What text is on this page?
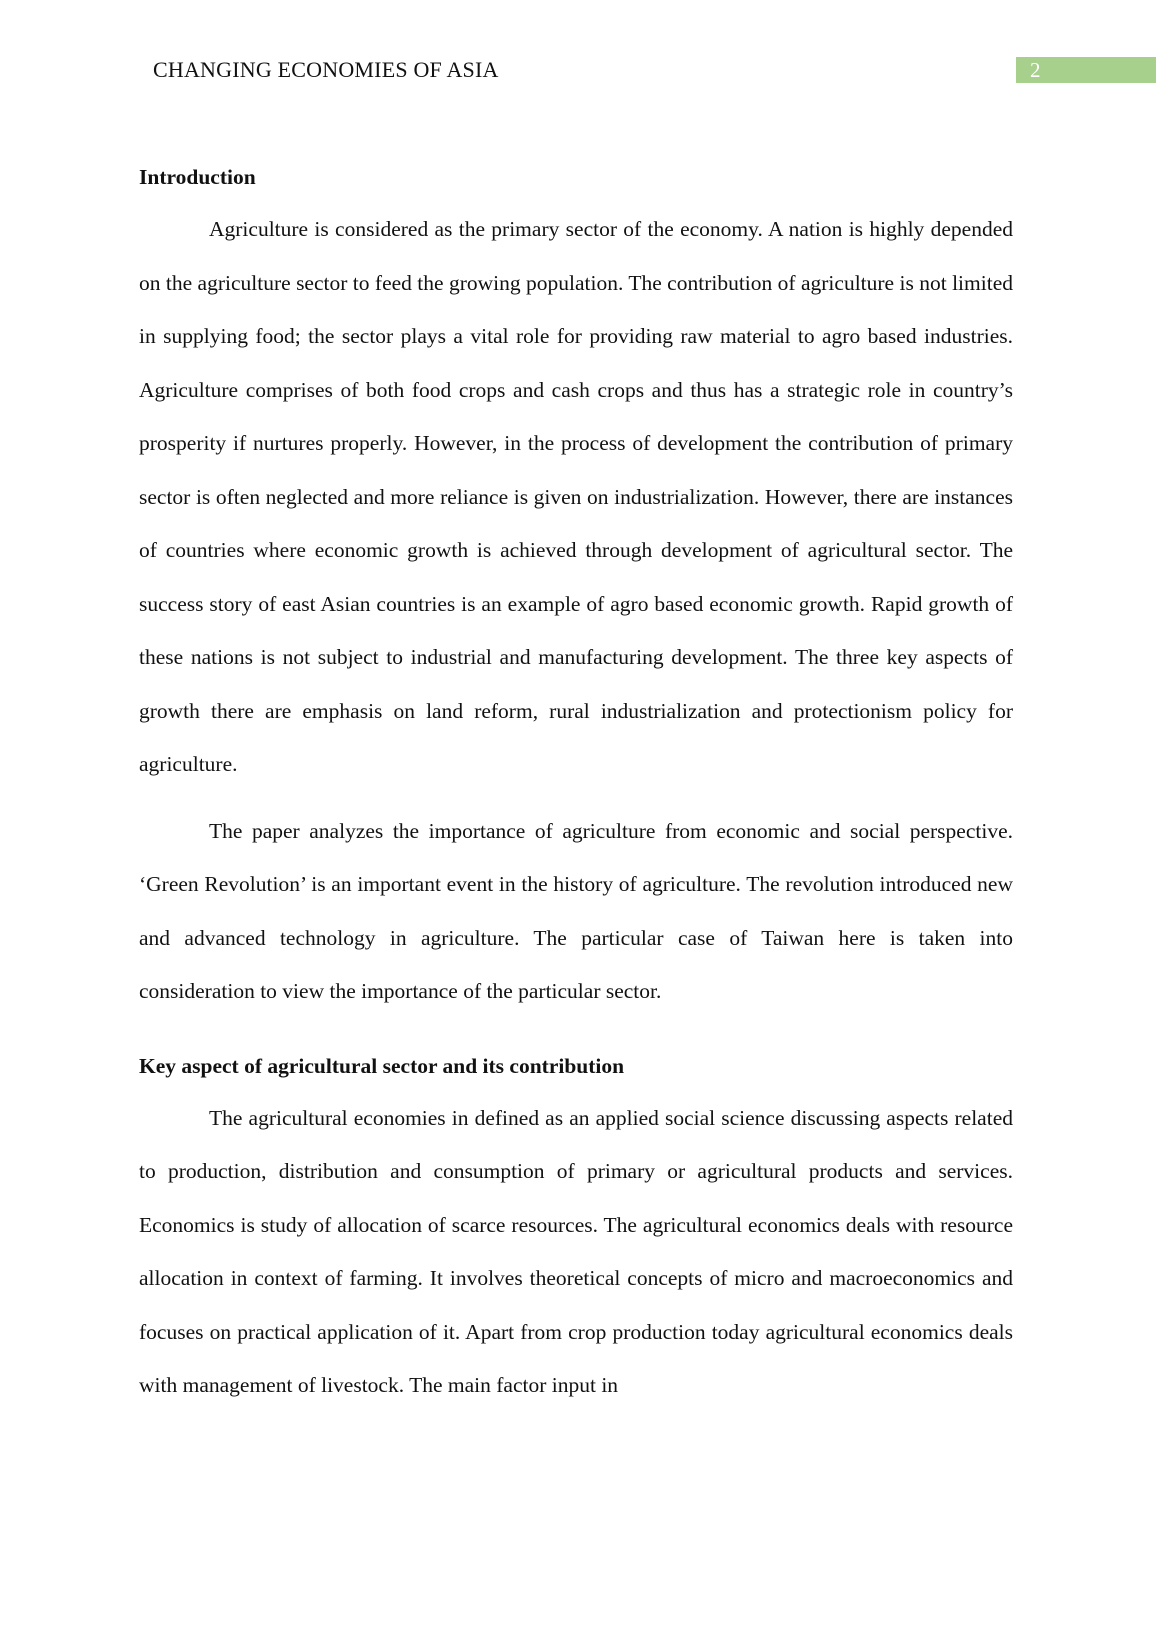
CHANGING ECONOMIES OF ASIA	2
Introduction

Agriculture is considered as the primary sector of the economy. A nation is highly depended on the agriculture sector to feed the growing population. The contribution of agriculture is not limited in supplying food; the sector plays a vital role for providing raw material to agro based industries. Agriculture comprises of both food crops and cash crops and thus has a strategic role in country’s prosperity if nurtures properly. However, in the process of development the contribution of primary sector is often neglected and more reliance is given on industrialization. However, there are instances of countries where economic growth is achieved through development of agricultural sector. The success story of east Asian countries is an example of agro based economic growth. Rapid growth of these nations is not subject to industrial and manufacturing development. The three key aspects of growth there are emphasis on land reform, rural industrialization and protectionism policy for agriculture.

The paper analyzes the importance of agriculture from economic and social perspective. ‘Green Revolution’ is an important event in the history of agriculture. The revolution introduced new and advanced technology in agriculture. The particular case of Taiwan here is taken into consideration to view the importance of the particular sector.

Key aspect of agricultural sector and its contribution

The agricultural economies in defined as an applied social science discussing aspects related to production, distribution and consumption of primary or agricultural products and services. Economics is study of allocation of scarce resources. The agricultural economics deals with resource allocation in context of farming. It involves theoretical concepts of micro and macroeconomics and focuses on practical application of it. Apart from crop production today agricultural economics deals with management of livestock. The main factor input in
